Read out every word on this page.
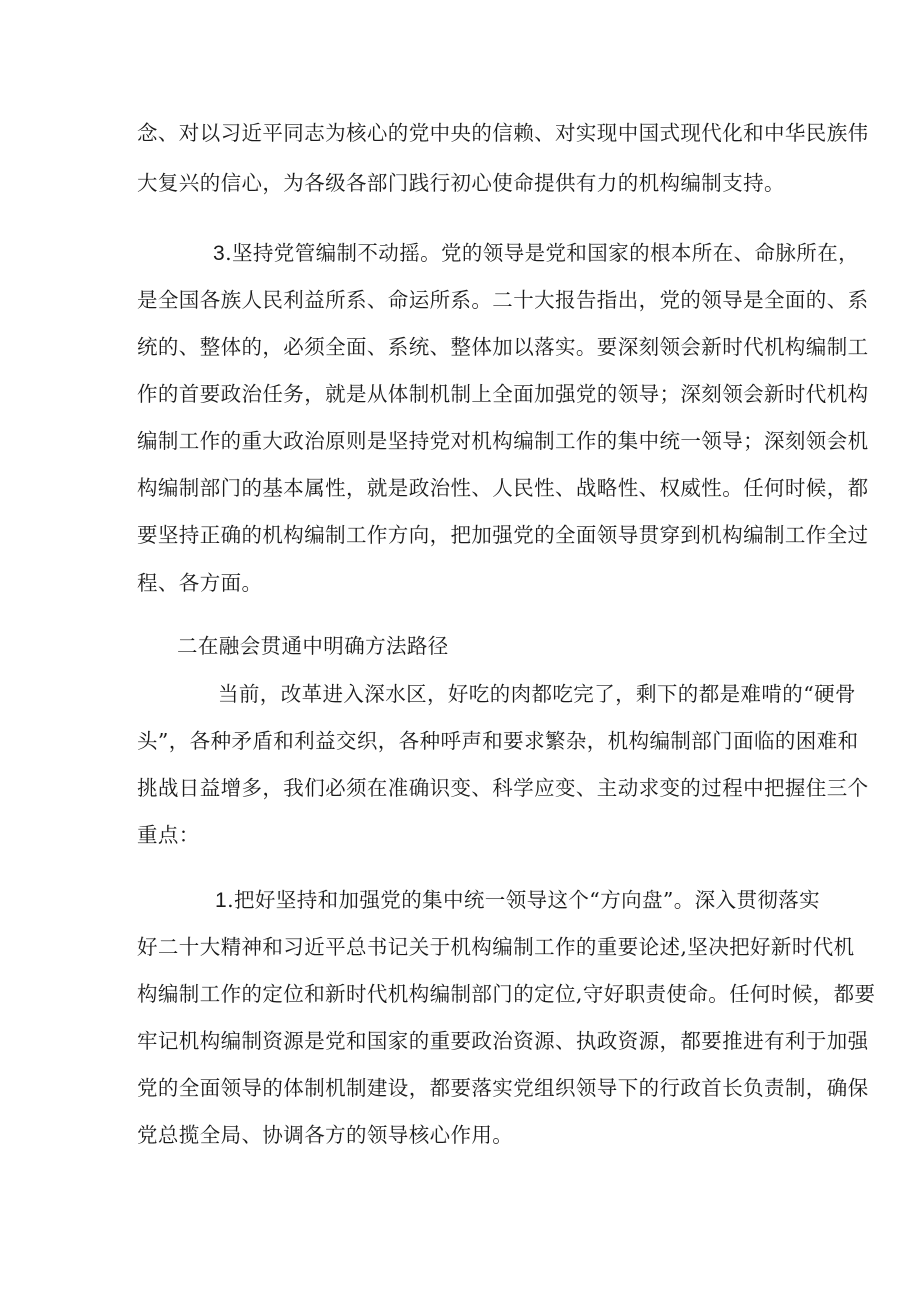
念、对以习近平同志为核心的党中央的信赖、对实现中国式现代化和中华民族伟
大复兴的信心，为各级各部门践行初心使命提供有力的机构编制支持。
3.坚持党管编制不动摇。党的领导是党和国家的根本所在、命脉所在，
是全国各族人民利益所系、命运所系。二十大报告指出，党的领导是全面的、系
统的、整体的，必须全面、系统、整体加以落实。要深刻领会新时代机构编制工
作的首要政治任务，就是从体制机制上全面加强党的领导；深刻领会新时代机构
编制工作的重大政治原则是坚持党对机构编制工作的集中统一领导；深刻领会机
构编制部门的基本属性，就是政治性、人民性、战略性、权威性。任何时候，都
要坚持正确的机构编制工作方向，把加强党的全面领导贯穿到机构编制工作全过
程、各方面。
二在融会贯通中明确方法路径
当前，改革进入深水区，好吃的肉都吃完了，剩下的都是难啃的“硬骨
头”，各种矛盾和利益交织，各种呼声和要求繁杂，机构编制部门面临的困难和
挑战日益增多，我们必须在准确识变、科学应变、主动求变的过程中把握住三个
重点：
1.把好坚持和加强党的集中统一领导这个“方向盘”。深入贯彻落实
好二十大精神和习近平总书记关于机构编制工作的重要论述,坚决把好新时代机
构编制工作的定位和新时代机构编制部门的定位,守好职责使命。任何时候，都要
牢记机构编制资源是党和国家的重要政治资源、执政资源，都要推进有利于加强
党的全面领导的体制机制建设，都要落实党组织领导下的行政首长负责制，确保
党总揽全局、协调各方的领导核心作用。
